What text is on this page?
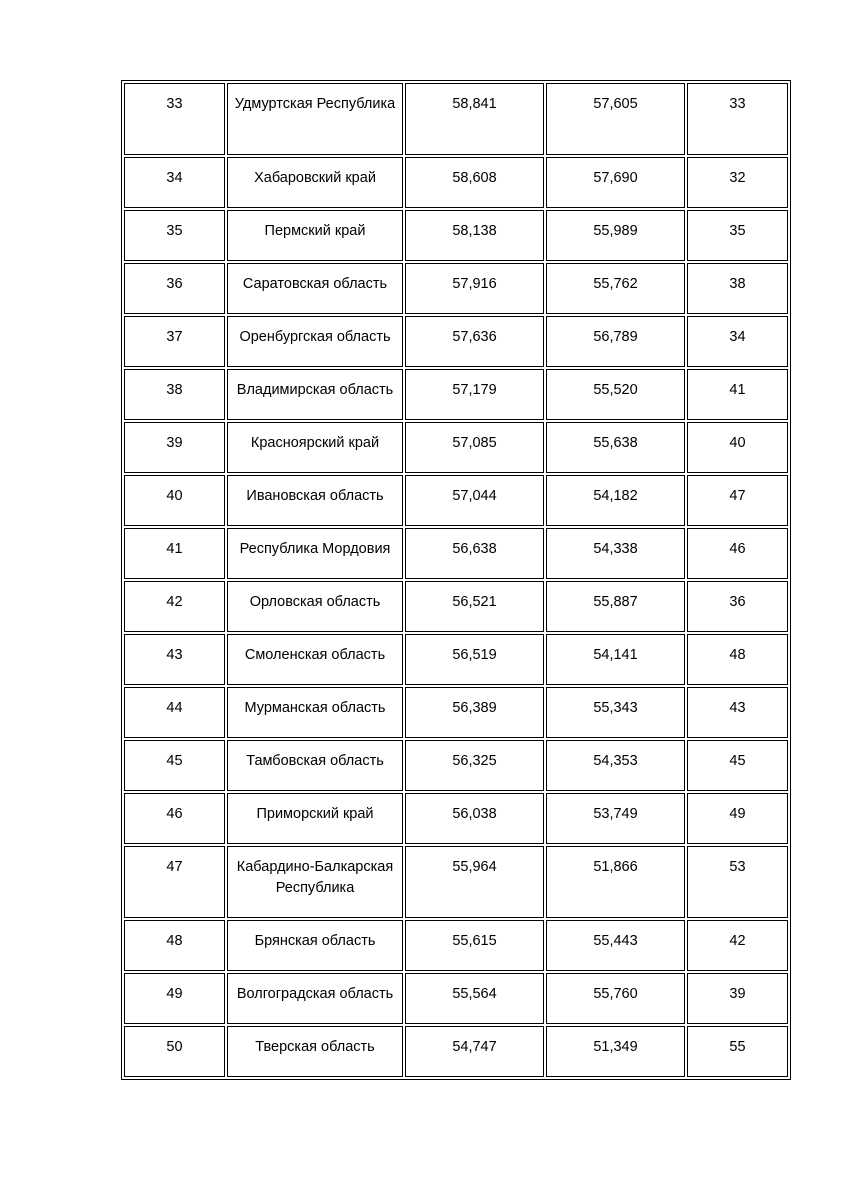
33	Удмуртская Республика	58,841	57,605	33
34	Хабаровский край	58,608	57,690	32
35	Пермский край	58,138	55,989	35
36	Саратовская область	57,916	55,762	38
37	Оренбургская область	57,636	56,789	34
38	Владимирская область	57,179	55,520	41
39	Красноярский край	57,085	55,638	40
40	Ивановская область	57,044	54,182	47
41	Республика Мордовия	56,638	54,338	46
42	Орловская область	56,521	55,887	36
43	Смоленская область	56,519	54,141	48
44	Мурманская область	56,389	55,343	43
45	Тамбовская область	56,325	54,353	45
46	Приморский край	56,038	53,749	49
47	Кабардино-Балкарская Республика	55,964	51,866	53
48	Брянская область	55,615	55,443	42
49	Волгоградская область	55,564	55,760	39
50	Тверская область	54,747	51,349	55
